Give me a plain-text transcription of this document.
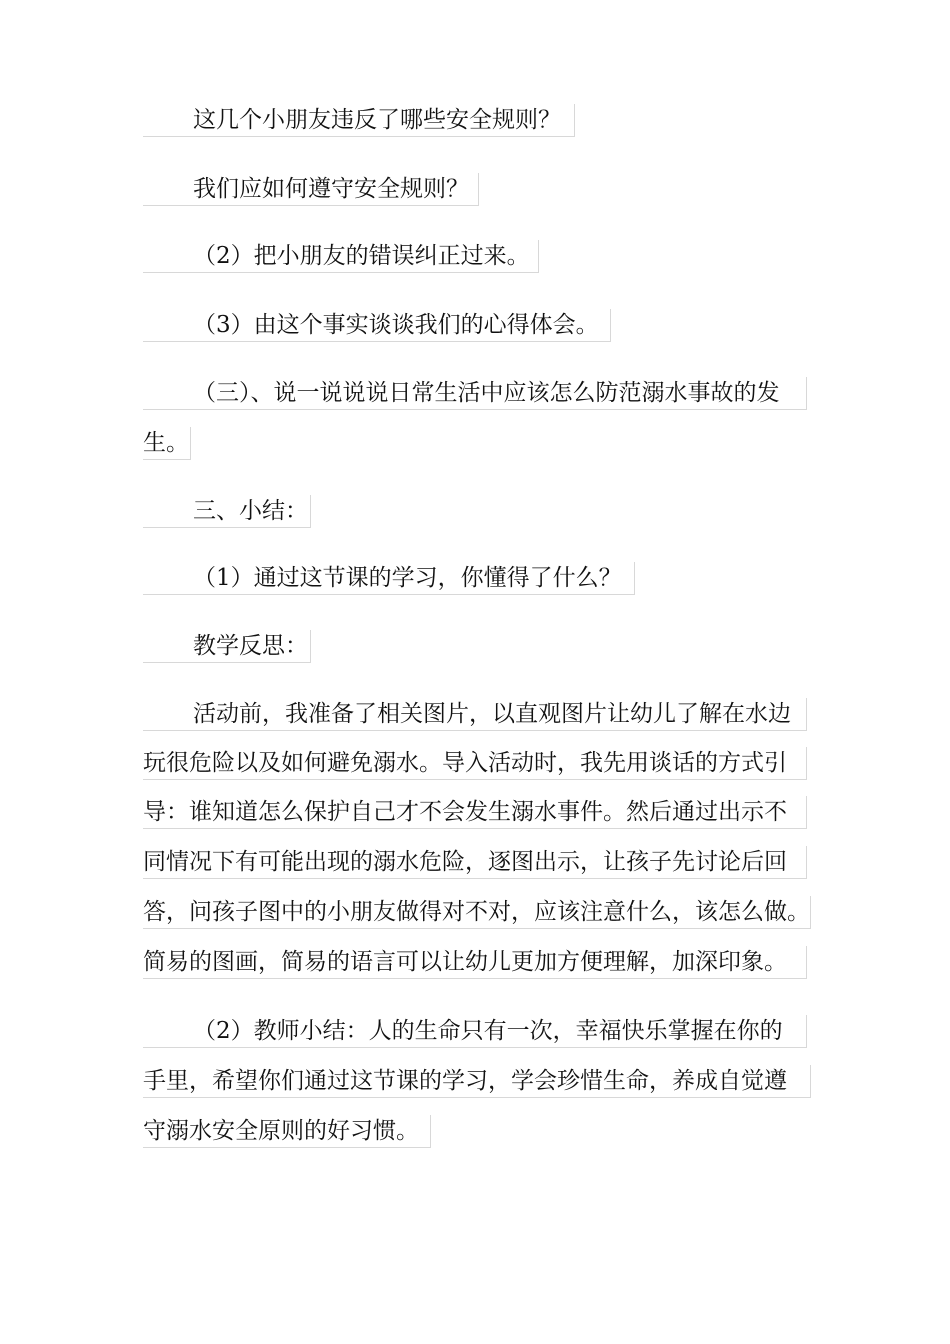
这几个小朋友违反了哪些安全规则？
我们应如何遵守安全规则？
（2）把小朋友的错误纠正过来。
（3）由这个事实谈谈我们的心得体会。
（三）、说一说说说日常生活中应该怎么防范溺水事故的发
生。
三、小结：
（1）通过这节课的学习，你懂得了什么？
教学反思：
活动前，我准备了相关图片，以直观图片让幼儿了解在水边
玩很危险以及如何避免溺水。导入活动时，我先用谈话的方式引
导：谁知道怎么保护自己才不会发生溺水事件。然后通过出示不
同情况下有可能出现的溺水危险，逐图出示，让孩子先讨论后回
答，问孩子图中的小朋友做得对不对，应该注意什么，该怎么做。
简易的图画，简易的语言可以让幼儿更加方便理解，加深印象。
（2）教师小结：人的生命只有一次，幸福快乐掌握在你的
手里，希望你们通过这节课的学习，学会珍惜生命，养成自觉遵
守溺水安全原则的好习惯。
